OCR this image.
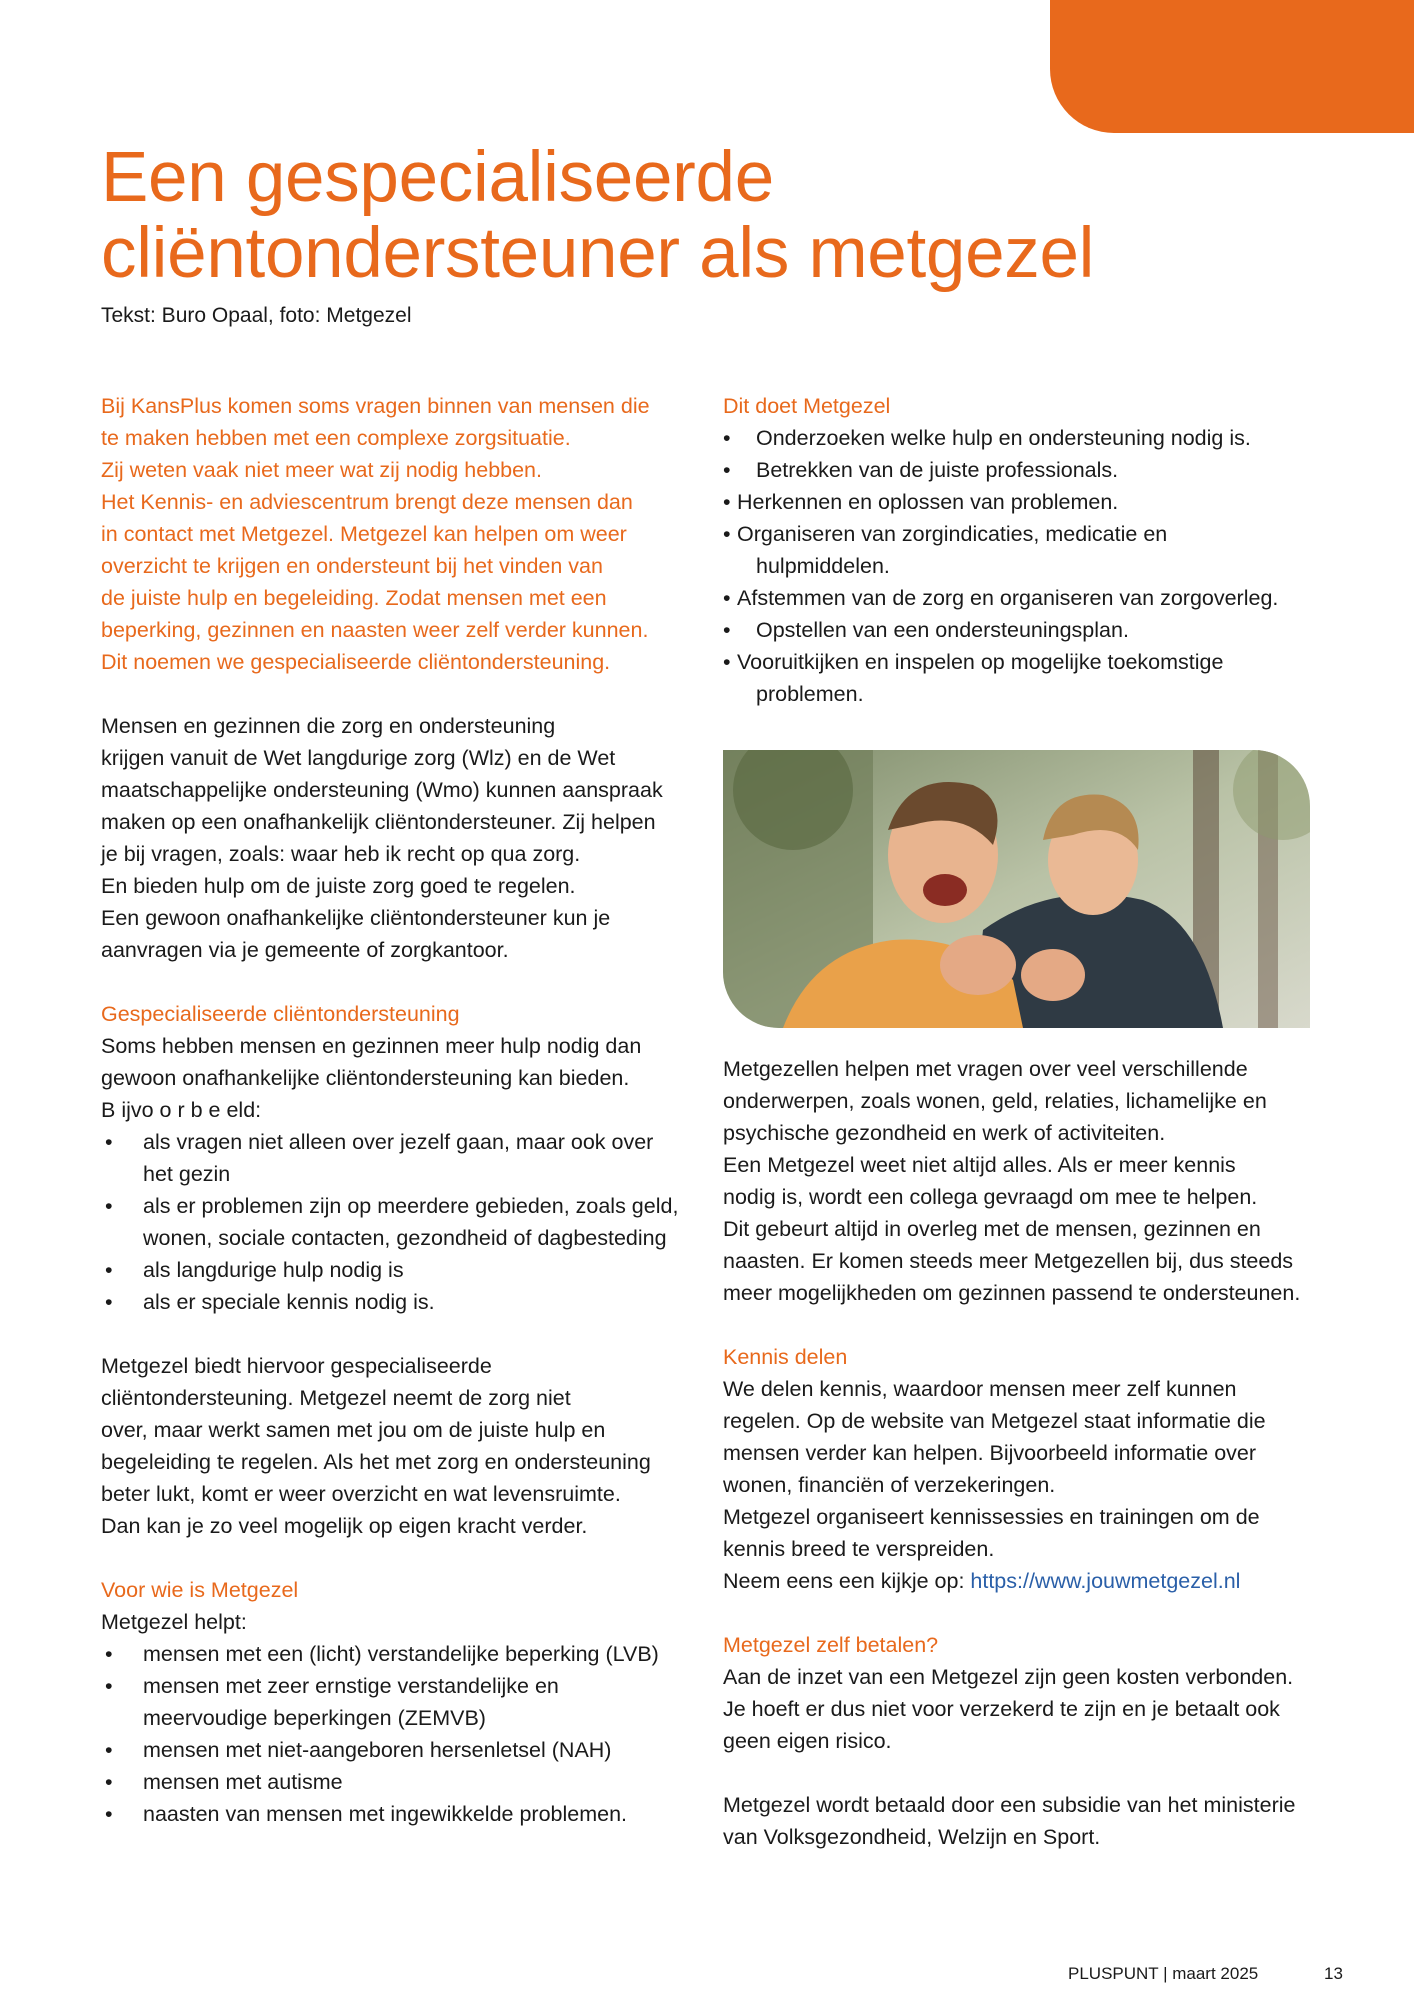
Een gespecialiseerde
cliëntondersteuner als metgezel

Tekst: Buro Opaal, foto: Metgezel

Bij KansPlus komen soms vragen binnen van mensen die

te maken hebben met een complexe zorgsituatie.

Zij weten vaak niet meer wat zij nodig hebben.

Het Kennis- en adviescentrum brengt deze mensen dan

in contact met Metgezel. Metgezel kan helpen om weer

overzicht te krijgen en ondersteunt bij het vinden van

de juiste hulp en begeleiding. Zodat mensen met een

beperking, gezinnen en naasten weer zelf verder kunnen.

Dit noemen we gespecialiseerde cliëntondersteuning.

Mensen en gezinnen die zorg en ondersteuning

krijgen vanuit de Wet langdurige zorg (Wlz) en de Wet

maatschappelijke ondersteuning (Wmo) kunnen aanspraak

maken op een onafhankelijk cliëntondersteuner. Zij helpen

je bij vragen, zoals: waar heb ik recht op qua zorg.

En bieden hulp om de juiste zorg goed te regelen.

Een gewoon onafhankelijke cliëntondersteuner kun je

aanvragen via je gemeente of zorgkantoor.

Gespecialiseerde cliëntondersteuning

Soms hebben mensen en gezinnen meer hulp nodig dan

gewoon onafhankelijke cliëntondersteuning kan bieden.

B ijvo o r b e eld:

• als vragen niet alleen over jezelf gaan, maar ook over
het gezin
• als er problemen zijn op meerdere gebieden, zoals geld,
wonen, sociale contacten, gezondheid of dagbesteding
• als langdurige hulp nodig is
• als er speciale kennis nodig is.

Metgezel biedt hiervoor gespecialiseerde

cliëntondersteuning. Metgezel neemt de zorg niet

over, maar werkt samen met jou om de juiste hulp en

begeleiding te regelen. Als het met zorg en ondersteuning

beter lukt, komt er weer overzicht en wat levensruimte.

Dan kan je zo veel mogelijk op eigen kracht verder.

Voor wie is Metgezel

Metgezel helpt:

• mensen met een (licht) verstandelijke beperking (LVB)
• mensen met zeer ernstige verstandelijke en
meervoudige beperkingen (ZEMVB)
• mensen met niet-aangeboren hersenletsel (NAH)
• mensen met autisme
• naasten van mensen met ingewikkelde problemen.

Dit doet Metgezel

• Onderzoeken welke hulp en ondersteuning nodig is.
• Betrekken van de juiste professionals.
• Herkennen en oplossen van problemen.
• Organiseren van zorgindicaties, medicatie en
hulpmiddelen.
• Afstemmen van de zorg en organiseren van zorgoverleg.
• Opstellen van een ondersteuningsplan.
• Vooruitkijken en inspelen op mogelijke toekomstige
problemen.

Metgezellen helpen met vragen over veel verschillende

onderwerpen, zoals wonen, geld, relaties, lichamelijke en

psychische gezondheid en werk of activiteiten.

Een Metgezel weet niet altijd alles. Als er meer kennis

nodig is, wordt een collega gevraagd om mee te helpen.

Dit gebeurt altijd in overleg met de mensen, gezinnen en

naasten. Er komen steeds meer Metgezellen bij, dus steeds

meer mogelijkheden om gezinnen passend te ondersteunen.

Kennis delen

We delen kennis, waardoor mensen meer zelf kunnen

regelen. Op de website van Metgezel staat informatie die

mensen verder kan helpen. Bijvoorbeeld informatie over

wonen, financiën of verzekeringen.

Metgezel organiseert kennissessies en trainingen om de

kennis breed te verspreiden.

Neem eens een kijkje op: https://www.jouwmetgezel.nl

Metgezel zelf betalen?

Aan de inzet van een Metgezel zijn geen kosten verbonden.

Je hoeft er dus niet voor verzekerd te zijn en je betaalt ook

geen eigen risico.

Metgezel wordt betaald door een subsidie van het ministerie

van Volksgezondheid, Welzijn en Sport.

PLUSPUNT | maart 2025	13
